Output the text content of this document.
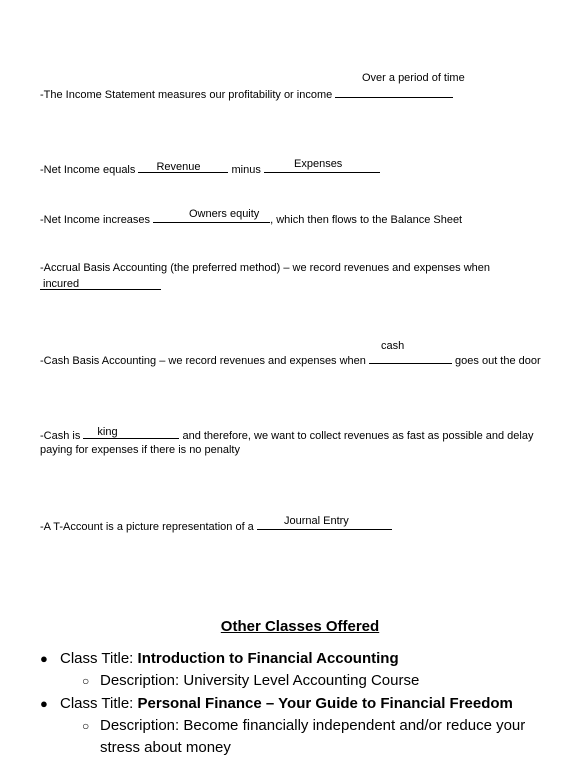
Over a period of time
-The Income Statement measures our profitability or income
-Net Income equals Revenue	minus	Expenses
Owners equity
-Net Income increases	, which then flows to the Balance Sheet
-Accrual Basis Accounting (the preferred method) – we record revenues and expenses when
incured
cash
-Cash Basis Accounting – we record revenues and expenses when	goes out the door
-Cash is king	and therefore, we want to collect revenues as fast as possible and delay
paying for expenses if there is no penalty
Journal Entry
-A T-Account is a picture representation of a
Other Classes Offered
● Class Title: Introduction to Financial Accounting
○ Description: University Level Accounting Course
● Class Title: Personal Finance – Your Guide to Financial Freedom
○ Description: Become financially independent and/or reduce your
stress about money
